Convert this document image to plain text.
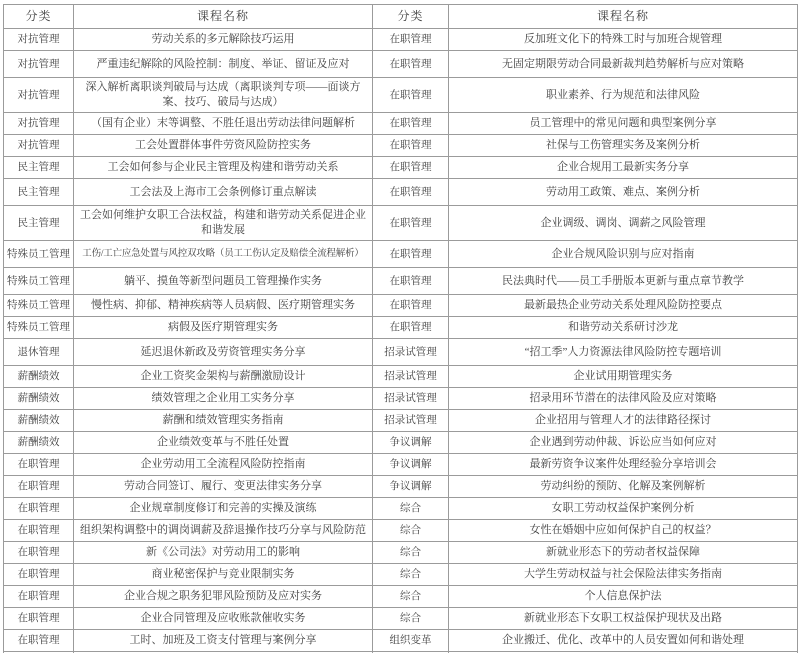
分类	课程名称	分类	课程名称
对抗管理	劳动关系的多元解除技巧运用	在职管理	反加班文化下的特殊工时与加班合规管理
对抗管理	严重违纪解除的风险控制：制度、举证、留证及应对	在职管理	无固定期限劳动合同最新裁判趋势解析与应对策略
对抗管理	深入解析离职谈判破局与达成（离职谈判专项——面谈方案、技巧、破局与达成）	在职管理	职业素养、行为规范和法律风险
对抗管理	（国有企业）末等调整、不胜任退出劳动法律问题解析	在职管理	员工管理中的常见问题和典型案例分享
对抗管理	工会处置群体事件劳资风险防控实务	在职管理	社保与工伤管理实务及案例分析
民主管理	工会如何参与企业民主管理及构建和谐劳动关系	在职管理	企业合规用工最新实务分享
民主管理	工会法及上海市工会条例修订重点解读	在职管理	劳动用工政策、难点、案例分析
民主管理	工会如何维护女职工合法权益，构建和谐劳动关系促进企业和谐发展	在职管理	企业调级、调岗、调薪之风险管理
特殊员工管理	工伤/工亡应急处置与风控双攻略（员工工伤认定及赔偿全流程解析）	在职管理	企业合规风险识别与应对指南
特殊员工管理	躺平、摸鱼等新型问题员工管理操作实务	在职管理	民法典时代——员工手册版本更新与重点章节教学
特殊员工管理	慢性病、抑郁、精神疾病等人员病假、医疗期管理实务	在职管理	最新最热企业劳动关系处理风险防控要点
特殊员工管理	病假及医疗期管理实务	在职管理	和谐劳动关系研讨沙龙
退休管理	延迟退休新政及劳资管理实务分享	招录试管理	“招工季”人力资源法律风险防控专题培训
薪酬绩效	企业工资奖金架构与薪酬激励设计	招录试管理	企业试用期管理实务
薪酬绩效	绩效管理之企业用工实务分享	招录试管理	招录用环节潜在的法律风险及应对策略
薪酬绩效	薪酬和绩效管理实务指南	招录试管理	企业招用与管理人才的法律路径探讨
薪酬绩效	企业绩效变革与不胜任处置	争议调解	企业遇到劳动仲裁、诉讼应当如何应对
在职管理	企业劳动用工全流程风险防控指南	争议调解	最新劳资争议案件处理经验分享培训会
在职管理	劳动合同签订、履行、变更法律实务分享	争议调解	劳动纠纷的预防、化解及案例解析
在职管理	企业规章制度修订和完善的实操及演练	综合	女职工劳动权益保护案例分析
在职管理	组织架构调整中的调岗调薪及辞退操作技巧分享与风险防范	综合	女性在婚姻中应如何保护自己的权益？
在职管理	新《公司法》对劳动用工的影响	综合	新就业形态下的劳动者权益保障
在职管理	商业秘密保护与竞业限制实务	综合	大学生劳动权益与社会保险法律实务指南
在职管理	企业合规之职务犯罪风险预防及应对实务	综合	个人信息保护法
在职管理	企业合同管理及应收账款催收实务	综合	新就业形态下女职工权益保护现状及出路
在职管理	工时、加班及工资支付管理与案例分享	组织变革	企业搬迁、优化、改革中的人员安置如何和谐处理
